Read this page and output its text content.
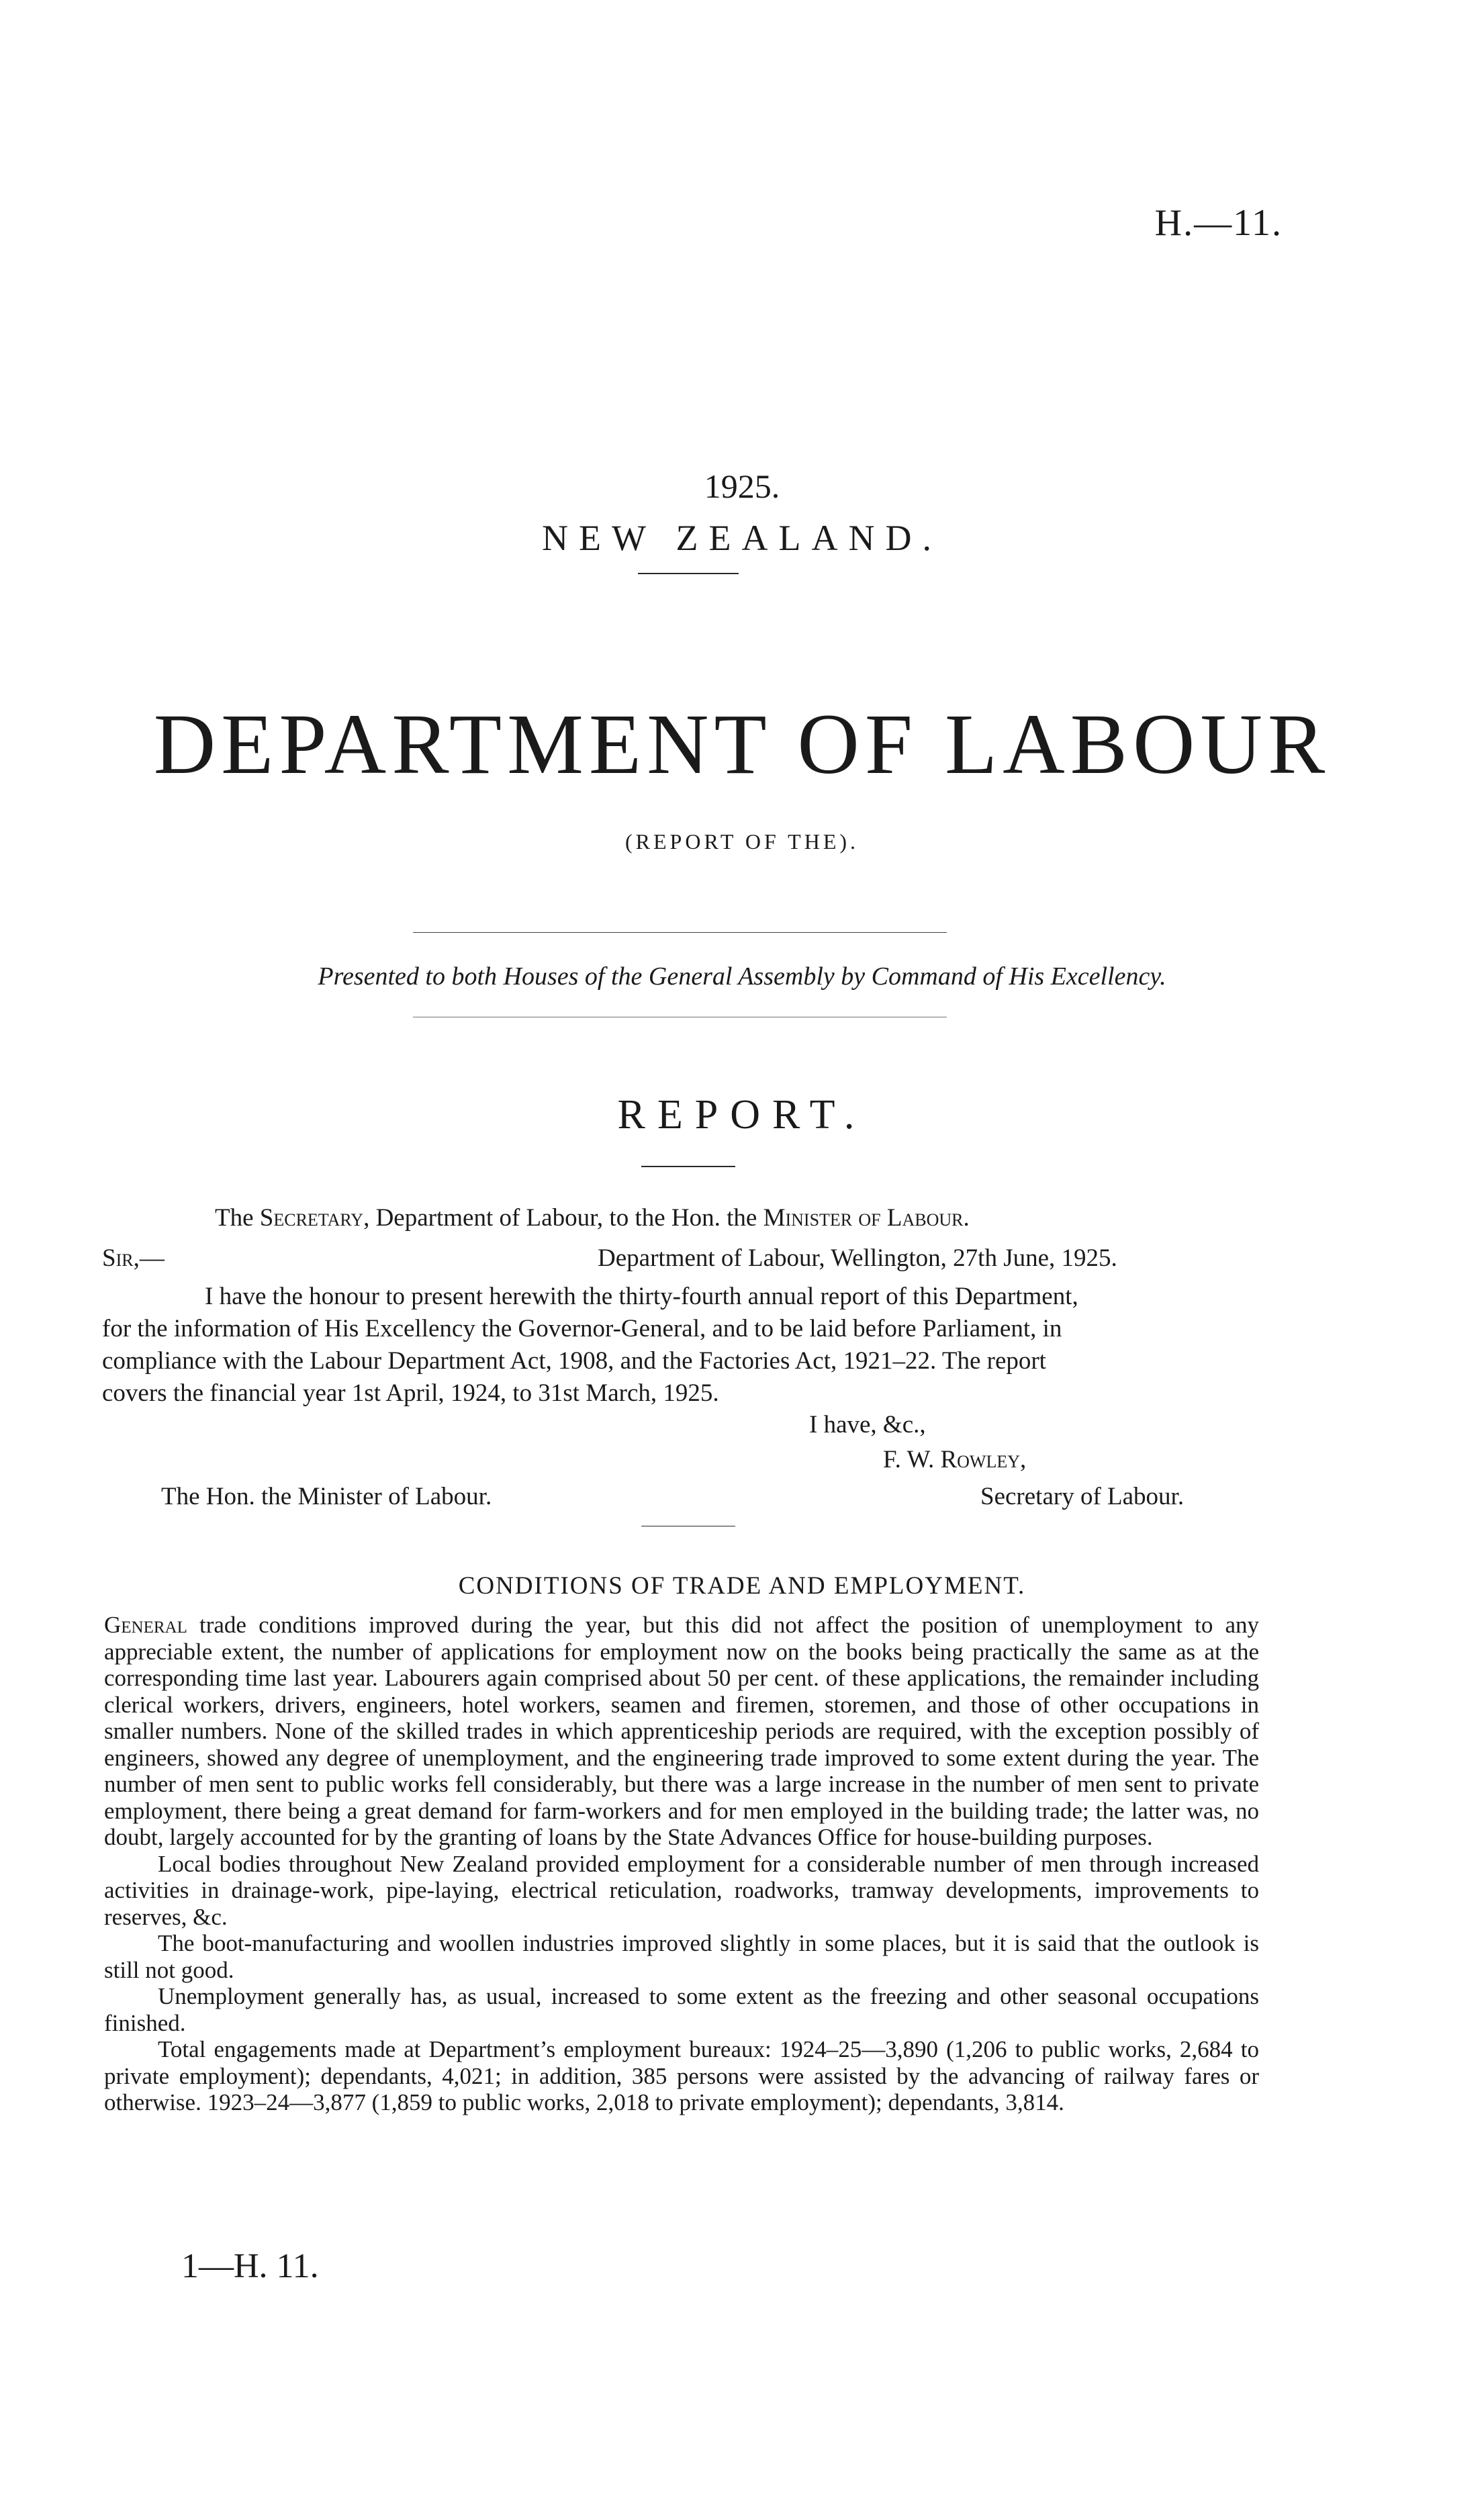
H.—11.
1925.
NEW ZEALAND.
DEPARTMENT OF LABOUR
(REPORT OF THE).
Presented to both Houses of the General Assembly by Command of His Excellency.
REPORT.
The Secretary, Department of Labour, to the Hon. the Minister of Labour.
Sir,—	Department of Labour, Wellington, 27th June, 1925.
I have the honour to present herewith the thirty-fourth annual report of this Department,
for the information of His Excellency the Governor-General, and to be laid before Parliament, in
compliance with the Labour Department Act, 1908, and the Factories Act, 1921–22. The report
covers the financial year 1st April, 1924, to 31st March, 1925.
I have, &c.,
F. W. Rowley,
The Hon. the Minister of Labour.	Secretary of Labour.
CONDITIONS OF TRADE AND EMPLOYMENT.

General trade conditions improved during the year, but this did not affect the position of unemployment to any appreciable extent, the number of applications for employment now on the books being practically the same as at the corresponding time last year. Labourers again comprised about 50 per cent. of these applications, the remainder including clerical workers, drivers, engineers, hotel workers, seamen and firemen, storemen, and those of other occupations in smaller numbers. None of the skilled trades in which apprenticeship periods are required, with the exception possibly of engineers, showed any degree of unemployment, and the engineering trade improved to some extent during the year. The number of men sent to public works fell considerably, but there was a large increase in the number of men sent to private employment, there being a great demand for farm-workers and for men employed in the building trade; the latter was, no doubt, largely accounted for by the granting of loans by the State Advances Office for house-building purposes.

Local bodies throughout New Zealand provided employment for a considerable number of men through increased activities in drainage-work, pipe-laying, electrical reticulation, roadworks, tramway developments, improvements to reserves, &c.

The boot-manufacturing and woollen industries improved slightly in some places, but it is said that the outlook is still not good.

Unemployment generally has, as usual, increased to some extent as the freezing and other seasonal occupations finished.

Total engagements made at Department’s employment bureaux: 1924–25—3,890 (1,206 to public works, 2,684 to private employment); dependants, 4,021; in addition, 385 persons were assisted by the advancing of railway fares or otherwise. 1923–24—3,877 (1,859 to public works, 2,018 to private employment); dependants, 3,814.

1—H. 11.
